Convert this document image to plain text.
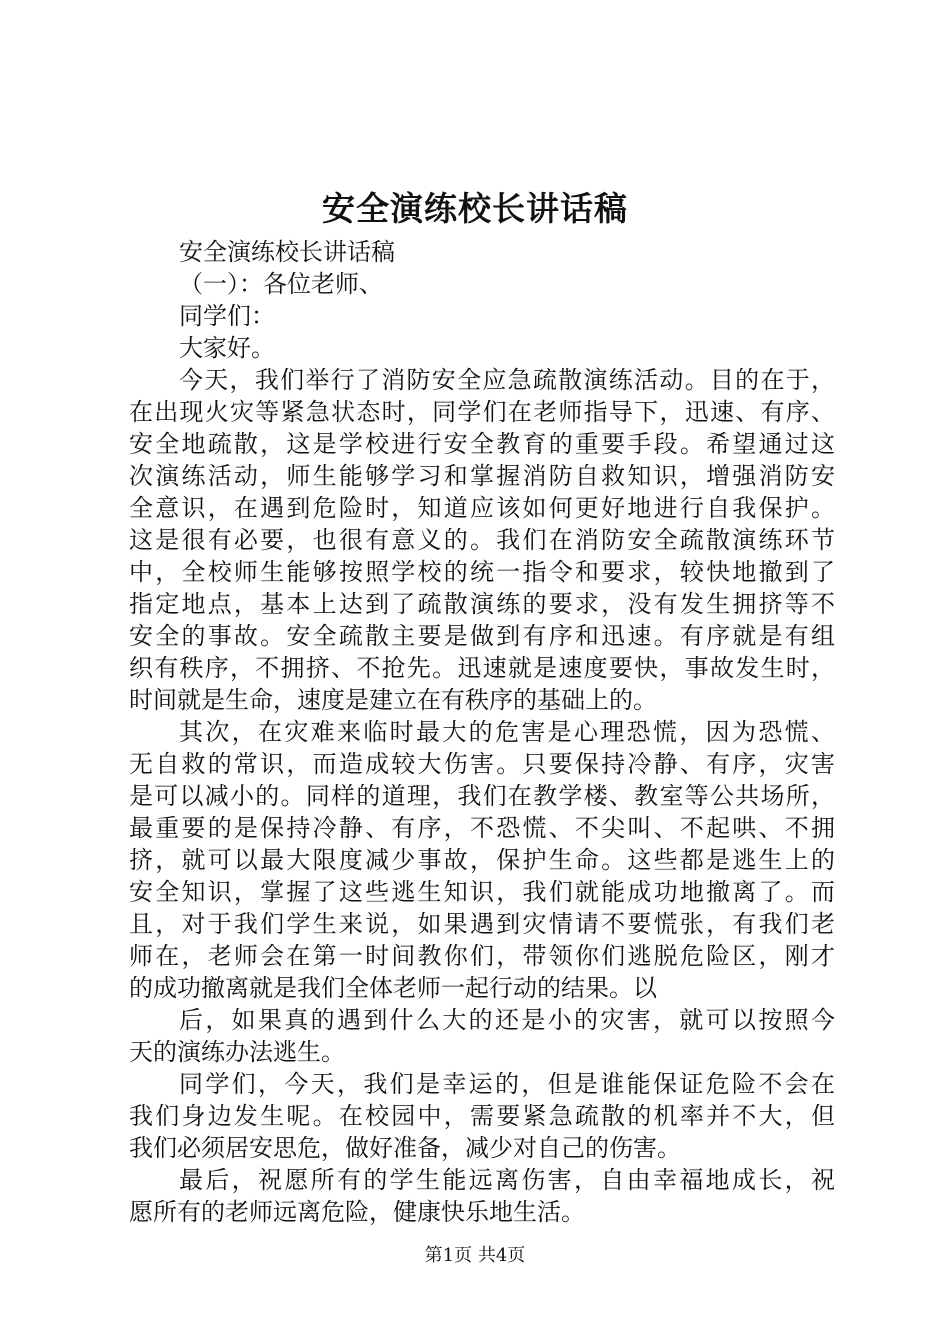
安全演练校长讲话稿
安全演练校长讲话稿
（一）：各位老师、
同学们：
大家好。
今天，我们举行了消防安全应急疏散演练活动。目的在于，
在出现火灾等紧急状态时，同学们在老师指导下，迅速、有序、
安全地疏散，这是学校进行安全教育的重要手段。希望通过这
次演练活动，师生能够学习和掌握消防自救知识，增强消防安
全意识，在遇到危险时，知道应该如何更好地进行自我保护。
这是很有必要，也很有意义的。我们在消防安全疏散演练环节
中，全校师生能够按照学校的统一指令和要求，较快地撤到了
指定地点，基本上达到了疏散演练的要求，没有发生拥挤等不
安全的事故。安全疏散主要是做到有序和迅速。有序就是有组
织有秩序，不拥挤、不抢先。迅速就是速度要快，事故发生时，
时间就是生命，速度是建立在有秩序的基础上的。
其次，在灾难来临时最大的危害是心理恐慌，因为恐慌、
无自救的常识，而造成较大伤害。只要保持冷静、有序，灾害
是可以减小的。同样的道理，我们在教学楼、教室等公共场所，
最重要的是保持冷静、有序，不恐慌、不尖叫、不起哄、不拥
挤，就可以最大限度减少事故，保护生命。这些都是逃生上的
安全知识，掌握了这些逃生知识，我们就能成功地撤离了。而
且，对于我们学生来说，如果遇到灾情请不要慌张，有我们老
师在，老师会在第一时间教你们，带领你们逃脱危险区，刚才
的成功撤离就是我们全体老师一起行动的结果。以
后，如果真的遇到什么大的还是小的灾害，就可以按照今
天的演练办法逃生。
同学们，今天，我们是幸运的，但是谁能保证危险不会在
我们身边发生呢。在校园中，需要紧急疏散的机率并不大，但
我们必须居安思危，做好准备，减少对自己的伤害。
最后，祝愿所有的学生能远离伤害，自由幸福地成长，祝
愿所有的老师远离危险，健康快乐地生活。
第1页 共4页
